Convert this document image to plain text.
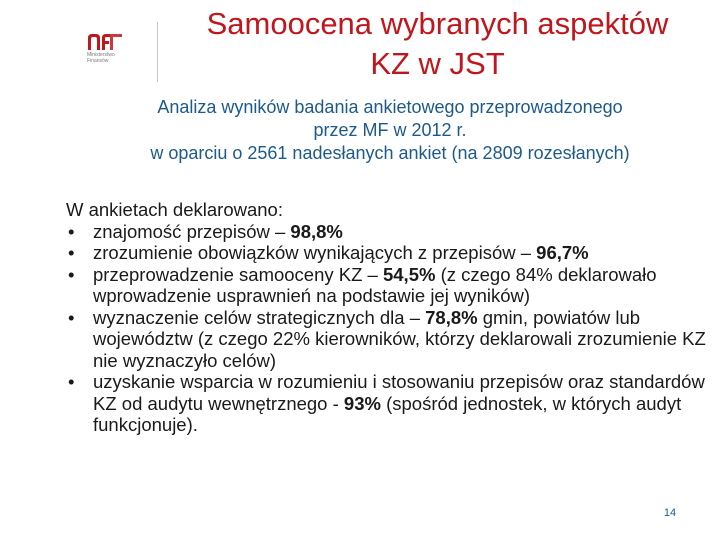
Ministerstwo
Finansów
Samoocena wybranych aspektów
KZ w JST
Analiza wyników badania ankietowego przeprowadzonego
przez MF w 2012 r.
w oparciu o 2561 nadesłanych ankiet (na 2809 rozesłanych)

W ankietach deklarowano:

• znajomość przepisów – 98,8%
• zrozumienie obowiązków wynikających z przepisów – 96,7%
• przeprowadzenie samooceny KZ – 54,5% (z czego 84% deklarowało wprowadzenie usprawnień na podstawie jej wyników)
• wyznaczenie celów strategicznych dla – 78,8% gmin, powiatów lub województw (z czego 22% kierowników, którzy deklarowali zrozumienie KZ nie wyznaczyło celów)
• uzyskanie wsparcia w rozumieniu i stosowaniu przepisów oraz standardów KZ od audytu wewnętrznego - 93% (spośród jednostek, w których audyt funkcjonuje).
14
